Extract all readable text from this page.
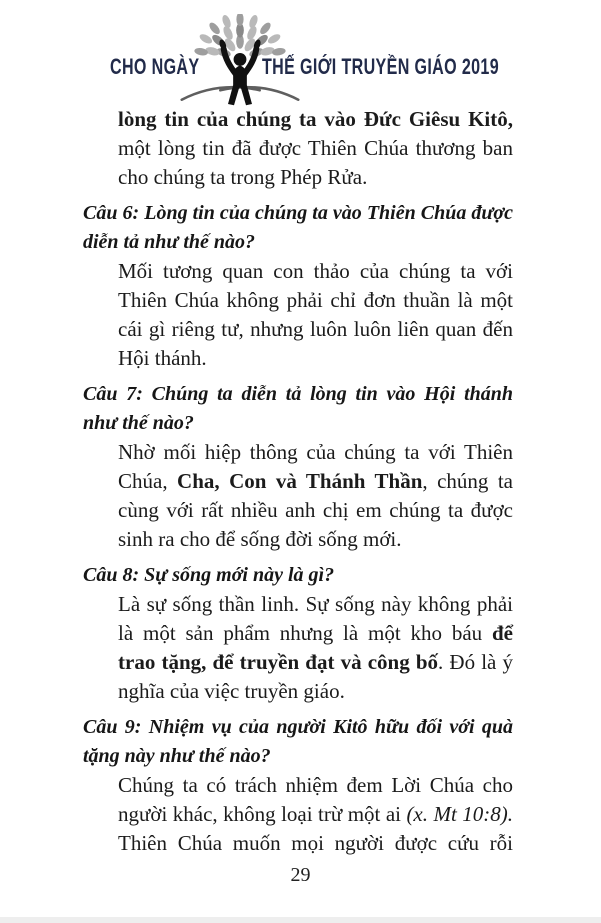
CHO NGÀY	THẾ GIỚI TRUYỀN GIÁO 2019
lòng tin của chúng ta vào Đức Giêsu Kitô,
một lòng tin đã được Thiên Chúa thương ban
cho chúng ta trong Phép Rửa.
Câu 6: Lòng tin của chúng ta vào Thiên Chúa được
diễn tả như thế nào?
Mối tương quan con thảo của chúng ta với
Thiên Chúa không phải chỉ đơn thuần là một
cái gì riêng tư, nhưng luôn luôn liên quan đến
Hội thánh.
Câu 7: Chúng ta diễn tả lòng tin vào Hội thánh
như thế nào?
Nhờ mối hiệp thông của chúng ta với Thiên
Chúa, Cha, Con và Thánh Thần, chúng ta
cùng với rất nhiều anh chị em chúng ta được
sinh ra cho để sống đời sống mới.
Câu 8: Sự sống mới này là gì?
Là sự sống thần linh. Sự sống này không phải
là một sản phẩm nhưng là một kho báu để
trao tặng, để truyền đạt và công bố. Đó là ý
nghĩa của việc truyền giáo.
Câu 9: Nhiệm vụ của người Kitô hữu đối với quà
tặng này như thế nào?
Chúng ta có trách nhiệm đem Lời Chúa cho
người khác, không loại trừ một ai (x. Mt 10:8).
Thiên Chúa muốn mọi người được cứu rỗi
29
